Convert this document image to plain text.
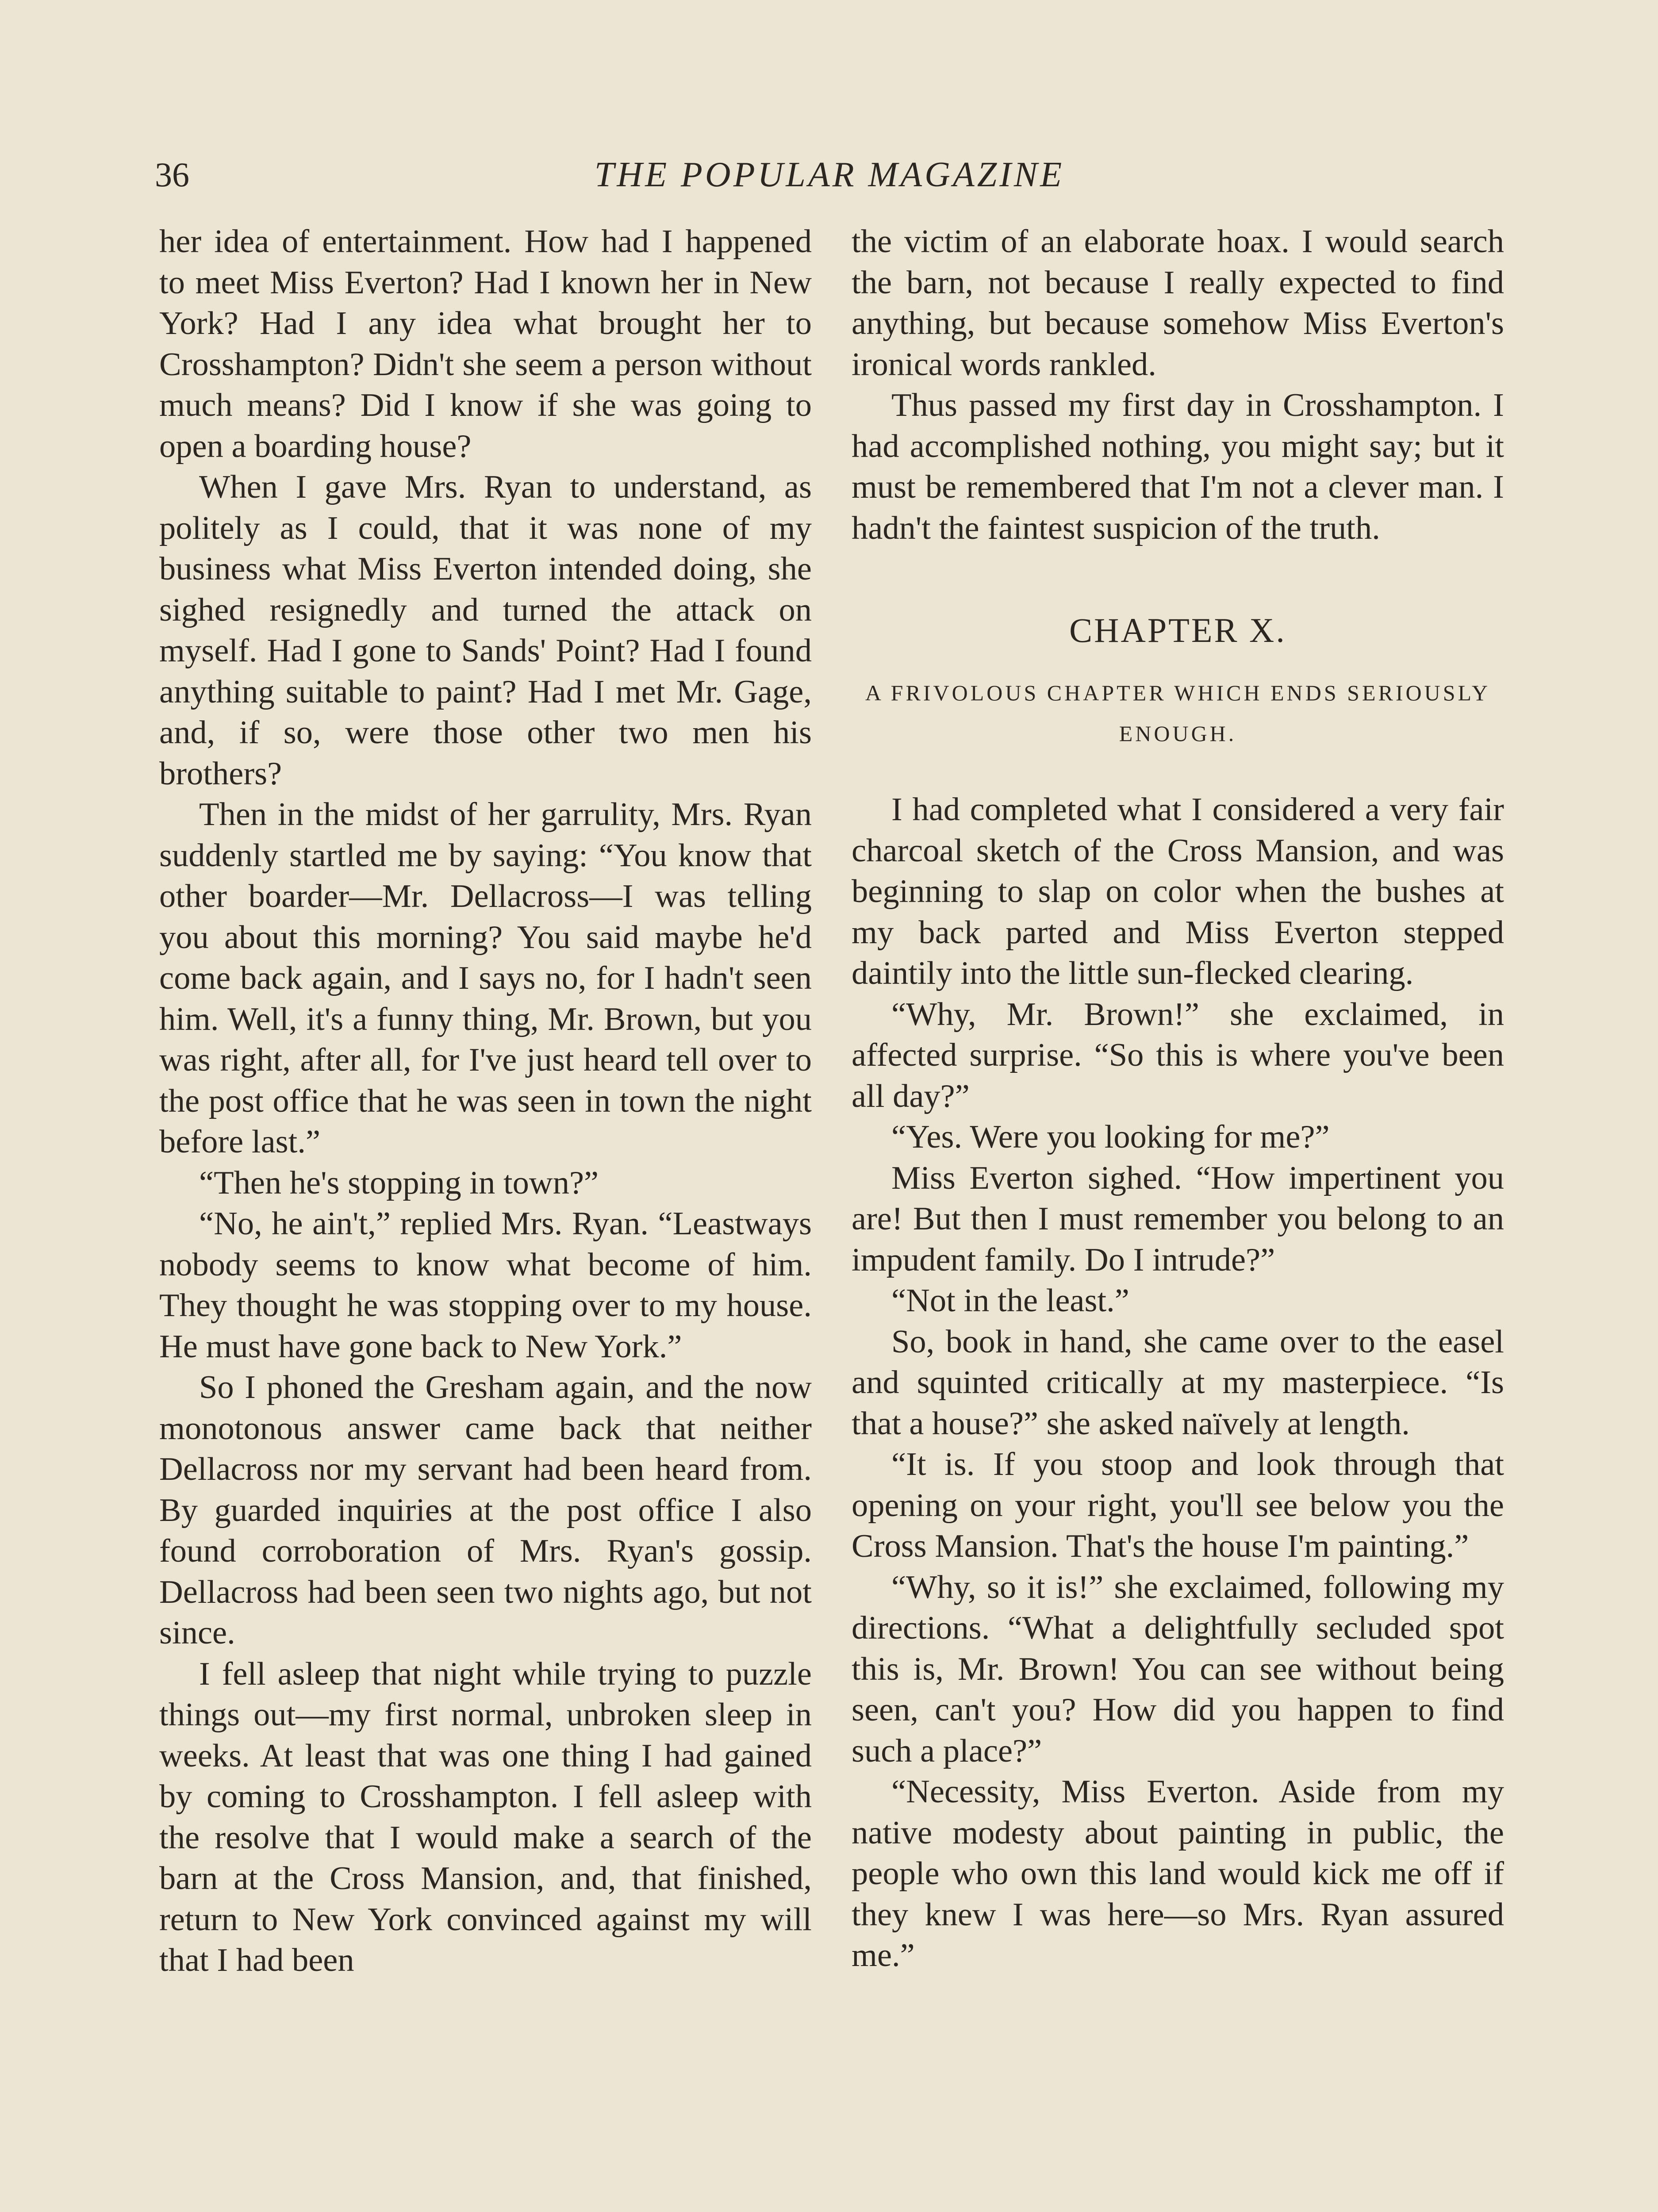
36	THE POPULAR MAGAZINE

her idea of entertainment. How had I happened to meet Miss Everton? Had I known her in New York? Had I any idea what brought her to Crosshampton? Didn't she seem a person without much means? Did I know if she was going to open a boarding house?

When I gave Mrs. Ryan to understand, as politely as I could, that it was none of my business what Miss Everton intended doing, she sighed resignedly and turned the attack on myself. Had I gone to Sands' Point? Had I found anything suitable to paint? Had I met Mr. Gage, and, if so, were those other two men his brothers?

Then in the midst of her garrulity, Mrs. Ryan suddenly startled me by saying: “You know that other boarder—Mr. Dellacross—I was telling you about this morning? You said maybe he'd come back again, and I says no, for I hadn't seen him. Well, it's a funny thing, Mr. Brown, but you was right, after all, for I've just heard tell over to the post office that he was seen in town the night before last.”

“Then he's stopping in town?”

“No, he ain't,” replied Mrs. Ryan. “Leastways nobody seems to know what become of him. They thought he was stopping over to my house. He must have gone back to New York.”

So I phoned the Gresham again, and the now monotonous answer came back that neither Dellacross nor my servant had been heard from. By guarded inquiries at the post office I also found corroboration of Mrs. Ryan's gossip. Dellacross had been seen two nights ago, but not since.

I fell asleep that night while trying to puzzle things out—my first normal, unbroken sleep in weeks. At least that was one thing I had gained by coming to Crosshampton. I fell asleep with the resolve that I would make a search of the barn at the Cross Mansion, and, that finished, return to New York convinced against my will that I had been

the victim of an elaborate hoax. I would search the barn, not because I really expected to find anything, but because somehow Miss Everton's ironical words rankled.

Thus passed my first day in Crosshampton. I had accomplished nothing, you might say; but it must be remembered that I'm not a clever man. I hadn't the faintest suspicion of the truth.

CHAPTER X.
A FRIVOLOUS CHAPTER WHICH ENDS SERIOUSLY ENOUGH.

I had completed what I considered a very fair charcoal sketch of the Cross Mansion, and was beginning to slap on color when the bushes at my back parted and Miss Everton stepped daintily into the little sun-flecked clearing.

“Why, Mr. Brown!” she exclaimed, in affected surprise. “So this is where you've been all day?”

“Yes. Were you looking for me?”

Miss Everton sighed. “How impertinent you are! But then I must remember you belong to an impudent family. Do I intrude?”

“Not in the least.”

So, book in hand, she came over to the easel and squinted critically at my masterpiece. “Is that a house?” she asked naïvely at length.

“It is. If you stoop and look through that opening on your right, you'll see below you the Cross Mansion. That's the house I'm painting.”

“Why, so it is!” she exclaimed, following my directions. “What a delightfully secluded spot this is, Mr. Brown! You can see without being seen, can't you? How did you happen to find such a place?”

“Necessity, Miss Everton. Aside from my native modesty about painting in public, the people who own this land would kick me off if they knew I was here—so Mrs. Ryan assured me.”
